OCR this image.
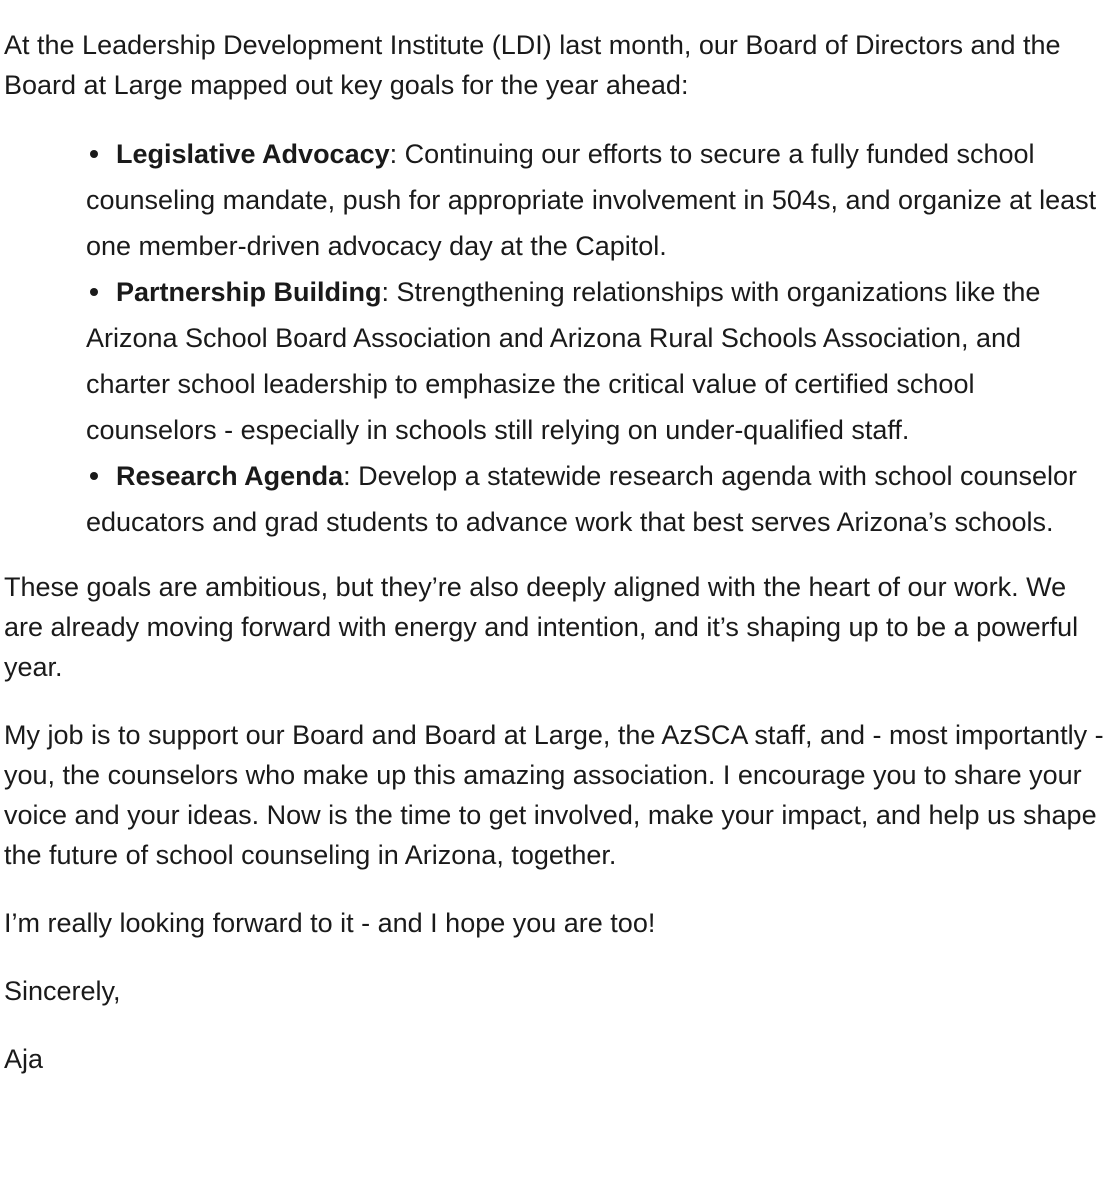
At the Leadership Development Institute (LDI) last month, our Board of Directors and the Board at Large mapped out key goals for the year ahead:

Legislative Advocacy: Continuing our efforts to secure a fully funded school counseling mandate, push for appropriate involvement in 504s, and organize at least one member-driven advocacy day at the Capitol.
Partnership Building: Strengthening relationships with organizations like the Arizona School Board Association and Arizona Rural Schools Association, and charter school leadership to emphasize the critical value of certified school counselors - especially in schools still relying on under-qualified staff.
Research Agenda: Develop a statewide research agenda with school counselor educators and grad students to advance work that best serves Arizona’s schools.

These goals are ambitious, but they’re also deeply aligned with the heart of our work. We are already moving forward with energy and intention, and it’s shaping up to be a powerful year.

My job is to support our Board and Board at Large, the AzSCA staff, and - most importantly - you, the counselors who make up this amazing association. I encourage you to share your voice and your ideas. Now is the time to get involved, make your impact, and help us shape the future of school counseling in Arizona, together.

I’m really looking forward to it - and I hope you are too!

Sincerely,

Aja
